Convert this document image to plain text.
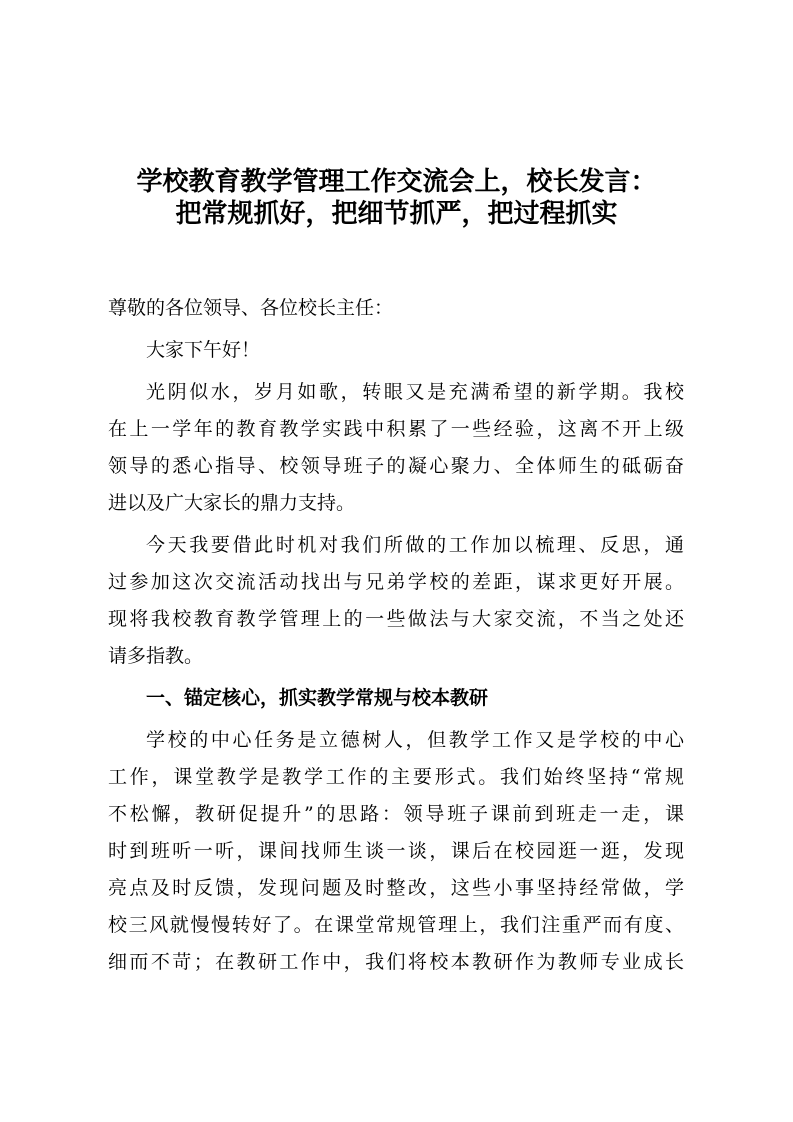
学校教育教学管理工作交流会上，校长发言：
把常规抓好，把细节抓严，把过程抓实
尊敬的各位领导、各位校长主任：
大家下午好！
光阴似水，岁月如歌，转眼又是充满希望的新学期。我校
在上一学年的教育教学实践中积累了一些经验，这离不开上级
领导的悉心指导、校领导班子的凝心聚力、全体师生的砥砺奋
进以及广大家长的鼎力支持。
今天我要借此时机对我们所做的工作加以梳理、反思，通
过参加这次交流活动找出与兄弟学校的差距，谋求更好开展。
现将我校教育教学管理上的一些做法与大家交流，不当之处还
请多指教。
一、锚定核心，抓实教学常规与校本教研
学校的中心任务是立德树人，但教学工作又是学校的中心
工作，课堂教学是教学工作的主要形式。我们始终坚持“常规
不松懈，教研促提升”的思路：领导班子课前到班走一走，课
时到班听一听，课间找师生谈一谈，课后在校园逛一逛，发现
亮点及时反馈，发现问题及时整改，这些小事坚持经常做，学
校三风就慢慢转好了。在课堂常规管理上，我们注重严而有度、
细而不苛；在教研工作中，我们将校本教研作为教师专业成长
